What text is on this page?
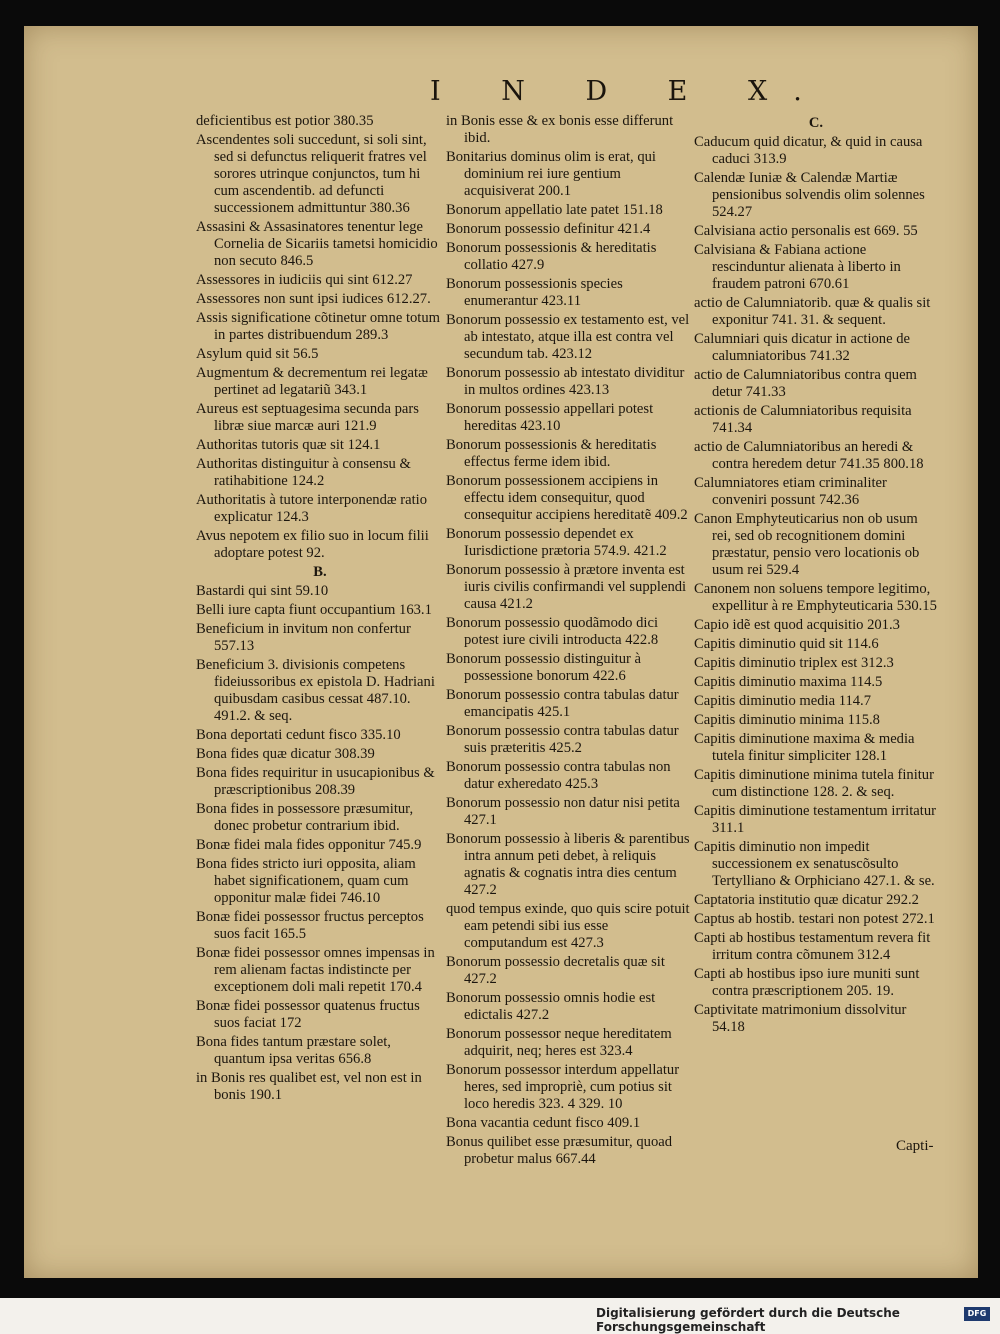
I N D E X.
deficientibus est potior 380.35
Ascendentes soli succedunt, si soli sint, sed si defunctus reliquerit fratres vel sorores utrinque conjunctos, tum hi cum ascendentib. ad defuncti successionem admittuntur 380.36
Assasini & Assasinatores tenentur lege Cornelia de Sicariis tametsi homicidio non secuto 846.5
Assessores in iudiciis qui sint 612.27
Assessores non sunt ipsi iudices 612.27.
Assis significatione cõtinetur omne totum in partes distribuendum 289.3
Asylum quid sit 56.5
Augmentum & decrementum rei legatæ pertinet ad legatariũ 343.1
Aureus est septuagesima secunda pars libræ siue marcæ auri 121.9
Authoritas tutoris quæ sit 124.1
Authoritas distinguitur à consensu & ratihabitione 124.2
Authoritatis à tutore interponendæ ratio explicatur 124.3
Avus nepotem ex filio suo in locum filii adoptare potest 92.
B.
Bastardi qui sint 59.10
Belli iure capta fiunt occupantium 163.1
Beneficium in invitum non confertur 557.13
Beneficium 3. divisionis competens fideiussoribus ex epistola D. Hadriani quibusdam casibus cessat 487.10. 491.2. & seq.
Bona deportati cedunt fisco 335.10
Bona fides quæ dicatur 308.39
Bona fides requiritur in usucapionibus & præscriptionibus 208.39
Bona fides in possessore præsumitur, donec probetur contrarium ibid.
Bonæ fidei mala fides opponitur 745.9
Bona fides stricto iuri opposita, aliam habet significationem, quam cum opponitur malæ fidei 746.10
Bonæ fidei possessor fructus perceptos suos facit 165.5
Bonæ fidei possessor omnes impensas in rem alienam factas indistincte per exceptionem doli mali repetit 170.4
Bonæ fidei possessor quatenus fructus suos faciat 172
Bona fides tantum præstare solet, quantum ipsa veritas 656.8
in Bonis res qualibet est, vel non est in bonis 190.1
in Bonis esse & ex bonis esse differunt ibid.
Bonitarius dominus olim is erat, qui dominium rei iure gentium acquisiverat 200.1
Bonorum appellatio late patet 151.18
Bonorum possessio definitur 421.4
Bonorum possessionis & hereditatis collatio 427.9
Bonorum possessionis species enumerantur 423.11
Bonorum possessio ex testamento est, vel ab intestato, atque illa est contra vel secundum tab. 423.12
Bonorum possessio ab intestato dividitur in multos ordines 423.13
Bonorum possessio appellari potest hereditas 423.10
Bonorum possessionis & hereditatis effectus ferme idem ibid.
Bonorum possessionem accipiens in effectu idem consequitur, quod consequitur accipiens hereditatẽ 409.2
Bonorum possessio dependet ex Iurisdictione prætoria 574.9. 421.2
Bonorum possessio à prætore inventa est iuris civilis confirmandi vel supplendi causa 421.2
Bonorum possessio quodãmodo dici potest iure civili introducta 422.8
Bonorum possessio distinguitur à possessione bonorum 422.6
Bonorum possessio contra tabulas datur emancipatis 425.1
Bonorum possessio contra tabulas datur suis præteritis 425.2
Bonorum possessio contra tabulas non datur exheredato 425.3
Bonorum possessio non datur nisi petita 427.1
Bonorum possessio à liberis & parentibus intra annum peti debet, à reliquis agnatis & cognatis intra dies centum 427.2
quod tempus exinde, quo quis scire potuit eam petendi sibi ius esse computandum est 427.3
Bonorum possessio decretalis quæ sit 427.2
Bonorum possessio omnis hodie est edictalis 427.2
Bonorum possessor neque hereditatem adquirit, neq; heres est 323.4
Bonorum possessor interdum appellatur heres, sed impropriè, cum potius sit loco heredis 323. 4 329. 10
Bona vacantia cedunt fisco 409.1
Bonus quilibet esse præsumitur, quoad probetur malus 667.44
C.
Caducum quid dicatur, & quid in causa caduci 313.9
Calendæ Iuniæ & Calendæ Martiæ pensionibus solvendis olim solennes 524.27
Calvisiana actio personalis est 669. 55
Calvisiana & Fabiana actione rescinduntur alienata à liberto in fraudem patroni 670.61
actio de Calumniatorib. quæ & qualis sit exponitur 741. 31. & sequent.
Calumniari quis dicatur in actione de calumniatoribus 741.32
actio de Calumniatoribus contra quem detur 741.33
actionis de Calumniatoribus requisita 741.34
actio de Calumniatoribus an heredi & contra heredem detur 741.35 800.18
Calumniatores etiam criminaliter conveniri possunt 742.36
Canon Emphyteuticarius non ob usum rei, sed ob recognitionem domini præstatur, pensio vero locationis ob usum rei 529.4
Canonem non soluens tempore legitimo, expellitur à re Emphyteuticaria 530.15
Capio idẽ est quod acquisitio 201.3
Capitis diminutio quid sit 114.6
Capitis diminutio triplex est 312.3
Capitis diminutio maxima 114.5
Capitis diminutio media 114.7
Capitis diminutio minima 115.8
Capitis diminutione maxima & media tutela finitur simpliciter 128.1
Capitis diminutione minima tutela finitur cum distinctione 128. 2. & seq.
Capitis diminutione testamentum irritatur 311.1
Capitis diminutio non impedit successionem ex senatuscõsulto Tertylliano & Orphiciano 427.1. & se.
Captatoria institutio quæ dicatur 292.2
Captus ab hostib. testari non potest 272.1
Capti ab hostibus testamentum revera fit irritum contra cõmunem 312.4
Capti ab hostibus ipso iure muniti sunt contra præscriptionem 205. 19.
Captivitate matrimonium dissolvitur 54.18
Capti-
Digitalisierung gefördert durch die Deutsche Forschungsgemeinschaft
DFG
